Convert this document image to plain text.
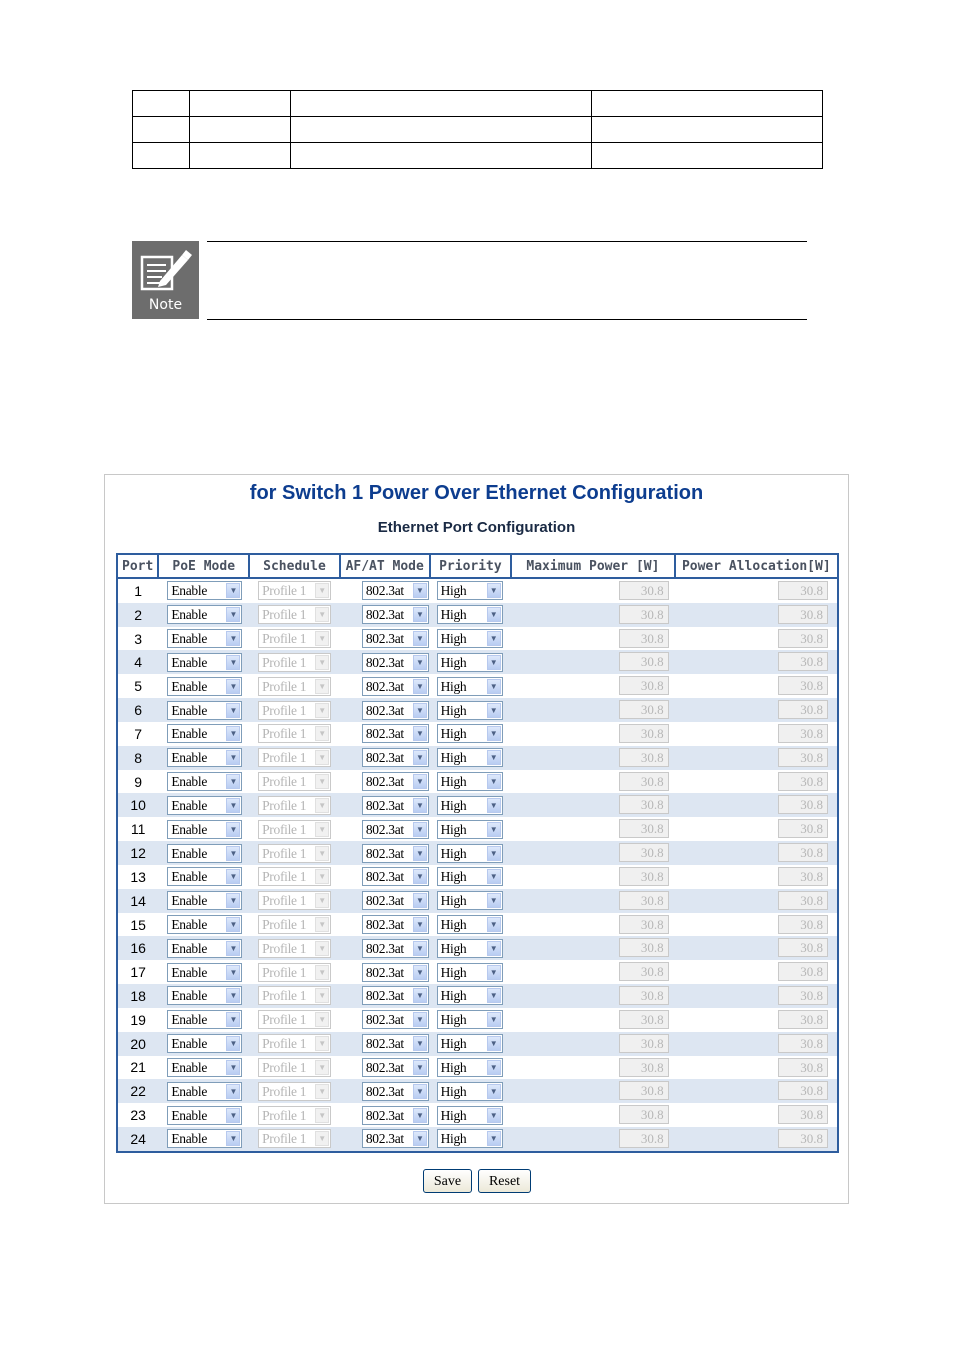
Note
for Switch 1 Power Over Ethernet Configuration
Ethernet Port Configuration
Port	PoE Mode	Schedule	AF/AT Mode	Priority	Maximum Power [W]	Power Allocation[W]
1	Enable ▼	Profile 1 ▼	802.3at ▼	High ▼	30.8	30.8

2	Enable ▼	Profile 1 ▼	802.3at ▼	High ▼	30.8	30.8

3	Enable ▼	Profile 1 ▼	802.3at ▼	High ▼	30.8	30.8

4	Enable ▼	Profile 1 ▼	802.3at ▼	High ▼	30.8	30.8

5	Enable ▼	Profile 1 ▼	802.3at ▼	High ▼	30.8	30.8

6	Enable ▼	Profile 1 ▼	802.3at ▼	High ▼	30.8	30.8

7	Enable ▼	Profile 1 ▼	802.3at ▼	High ▼	30.8	30.8

8	Enable ▼	Profile 1 ▼	802.3at ▼	High ▼	30.8	30.8

9	Enable ▼	Profile 1 ▼	802.3at ▼	High ▼	30.8	30.8

10	Enable ▼	Profile 1 ▼	802.3at ▼	High ▼	30.8	30.8

11	Enable ▼	Profile 1 ▼	802.3at ▼	High ▼	30.8	30.8

12	Enable ▼	Profile 1 ▼	802.3at ▼	High ▼	30.8	30.8

13	Enable ▼	Profile 1 ▼	802.3at ▼	High ▼	30.8	30.8

14	Enable ▼	Profile 1 ▼	802.3at ▼	High ▼	30.8	30.8

15	Enable ▼	Profile 1 ▼	802.3at ▼	High ▼	30.8	30.8

16	Enable ▼	Profile 1 ▼	802.3at ▼	High ▼	30.8	30.8

17	Enable ▼	Profile 1 ▼	802.3at ▼	High ▼	30.8	30.8

18	Enable ▼	Profile 1 ▼	802.3at ▼	High ▼	30.8	30.8

19	Enable ▼	Profile 1 ▼	802.3at ▼	High ▼	30.8	30.8

20	Enable ▼	Profile 1 ▼	802.3at ▼	High ▼	30.8	30.8

21	Enable ▼	Profile 1 ▼	802.3at ▼	High ▼	30.8	30.8

22	Enable ▼	Profile 1 ▼	802.3at ▼	High ▼	30.8	30.8

23	Enable ▼	Profile 1 ▼	802.3at ▼	High ▼	30.8	30.8

24	Enable ▼	Profile 1 ▼	802.3at ▼	High ▼	30.8	30.8
Save	Reset
